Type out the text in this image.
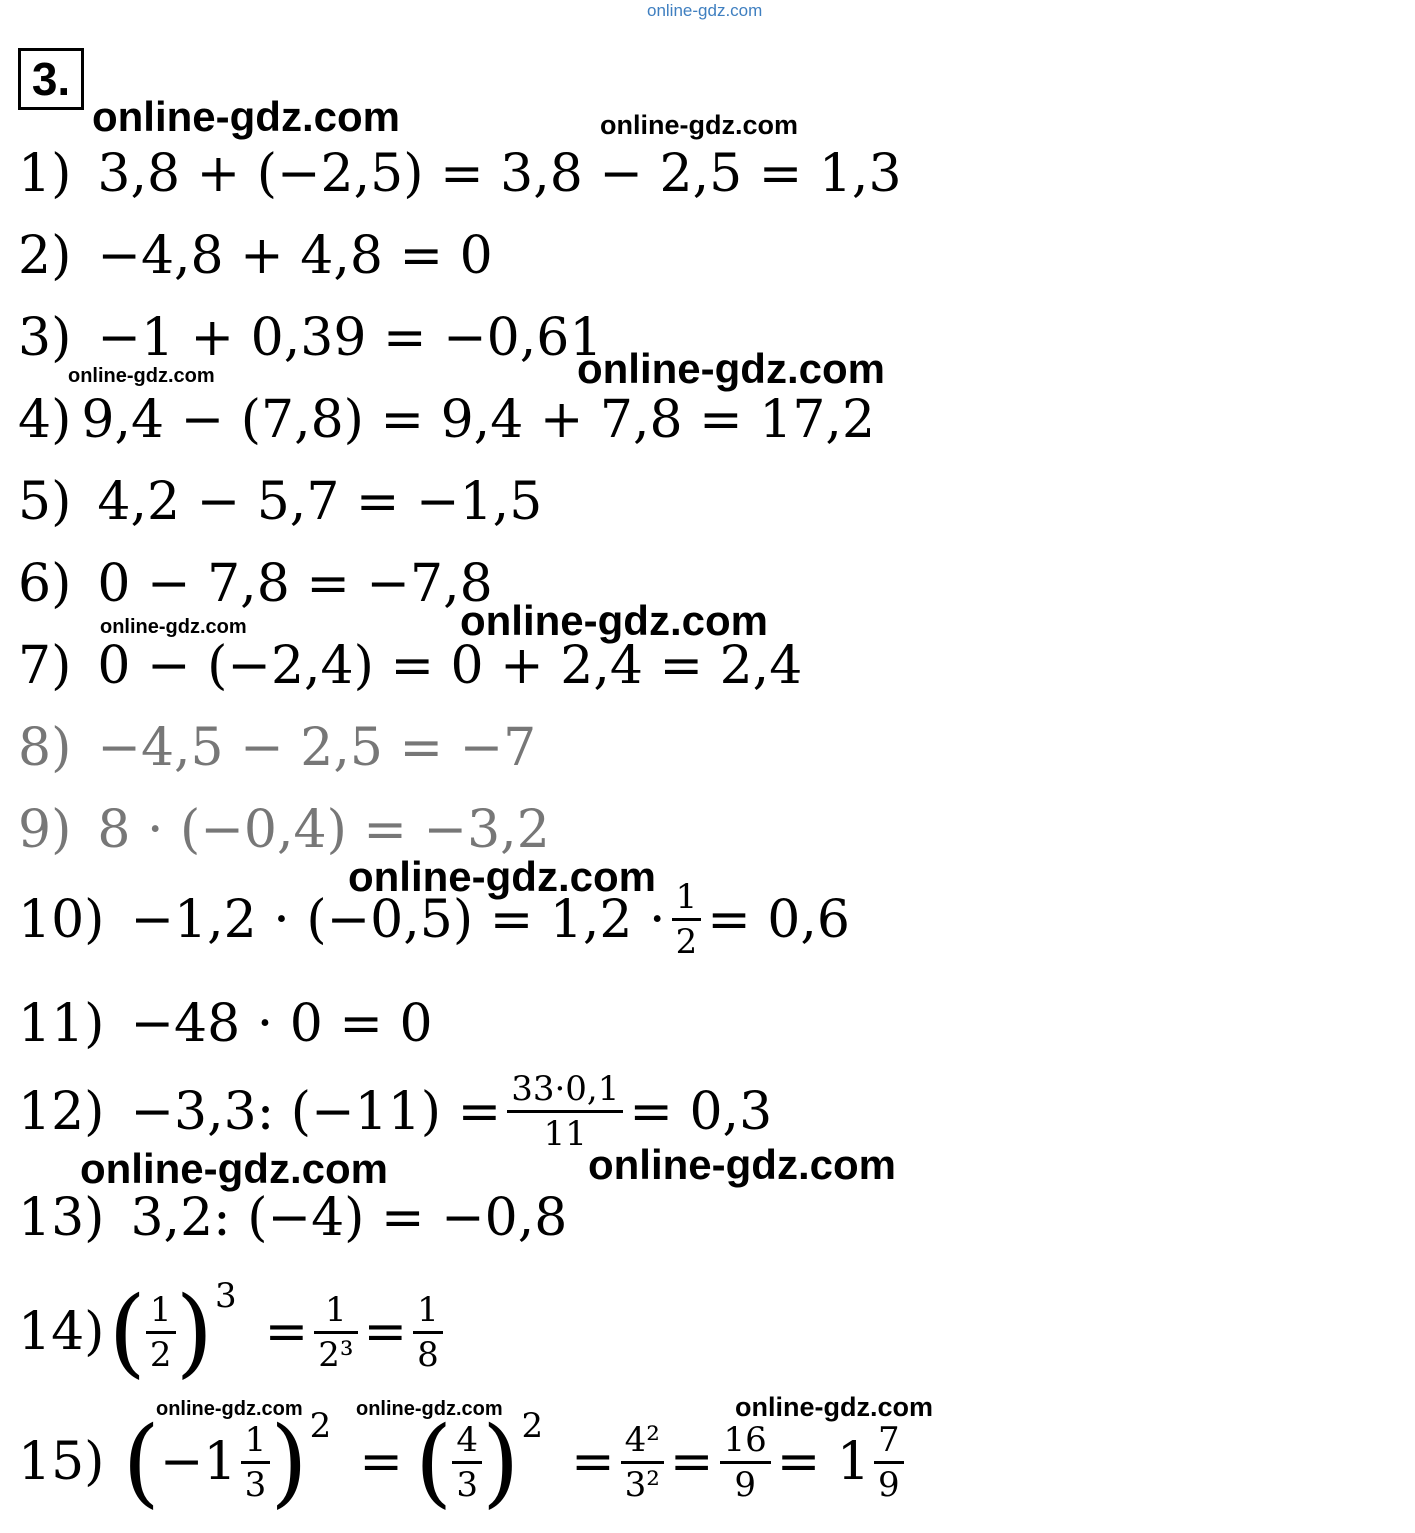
online-gdz.com
online-gdz.com	online-gdz.com
online-gdz.com	online-gdz.com
online-gdz.com	online-gdz.com
online-gdz.com
online-gdz.com	online-gdz.com
online-gdz.com	online-gdz.com	online-gdz.com
3.
1) 3,8 + (−2,5) = 3,8 − 2,5 = 1,3
2) −4,8 + 4,8 = 0
3) −1 + 0,39 = −0,61
4) 9,4 − (7,8) = 9,4 + 7,8 = 17,2
5) 4,2 − 5,7 = −1,5
6) 0 − 7,8 = −7,8
7) 0 − (−2,4) = 0 + 2,4 = 2,4
8) −4,5 − 2,5 = −7
9) 8 · (−0,4) = −3,2
$10) -1,2 \cdot (-0,5) = 1,2 \cdot \frac{1}{2} = 0,6$
11) −48 · 0 = 0
12) −3,3: $(-11) = \frac{33\cdot 0,1}{11} = 0,3$
13) 3,2: (−4) = −0,8
14) ( $\frac{1}{2}$ ) 3
= $\frac{1}{\text{2³}} = \frac{1}{8}$
15) ( $-1 \frac{1}{3}$ ) 2
= ( $\frac{4}{3}$ ) 2
= $\frac{\text{4²}}{\text{3²}} = \frac{16}{9} = 1 \frac{7}{9}$
